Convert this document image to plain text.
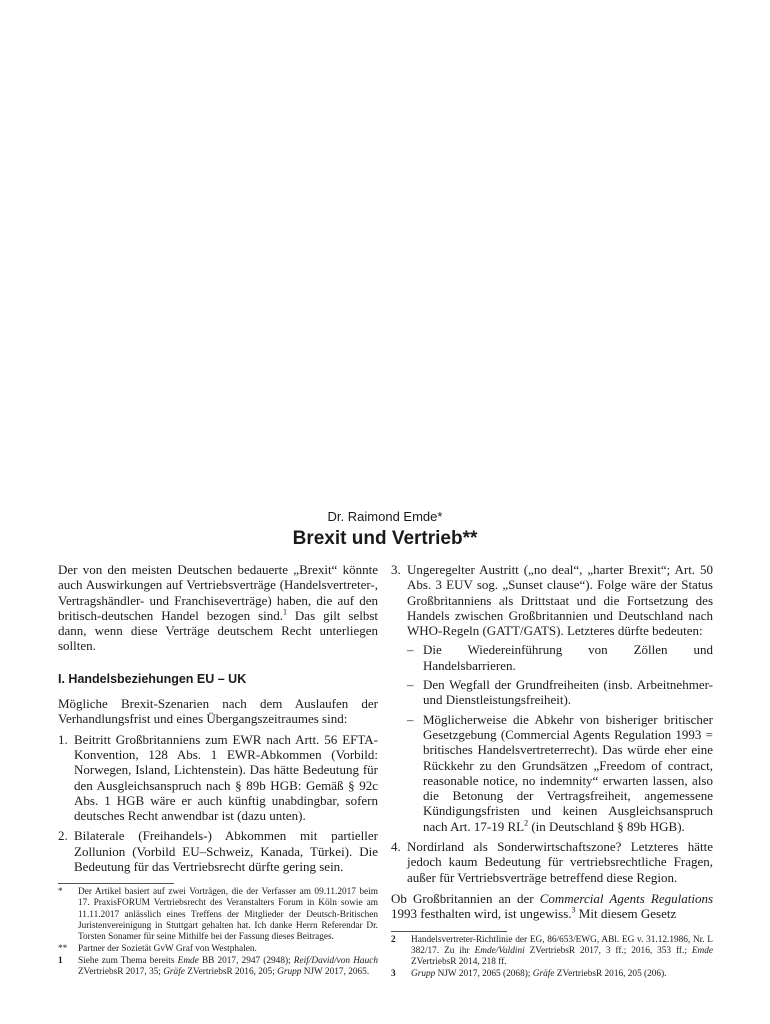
Dr. Raimond Emde*
Brexit und Vertrieb**

Der von den meisten Deutschen bedauerte „Brexit“ könnte auch Auswirkungen auf Vertriebsverträge (Handelsvertreter-, Vertragshändler- und Franchiseverträge) haben, die auf den britisch-deutschen Handel bezogen sind.$^1$ Das gilt selbst dann, wenn diese Verträge deutschem Recht unterliegen sollten.

I. Handelsbeziehungen EU – UK

Mögliche Brexit-Szenarien nach dem Auslaufen der Verhandlungsfrist und eines Übergangszeitraumes sind:

1. Beitritt Großbritanniens zum EWR nach Artt. 56 EFTA-Konvention, 128 Abs. 1 EWR-Abkommen (Vorbild: Norwegen, Island, Lichtenstein). Das hätte Bedeutung für den Ausgleichsanspruch nach § 89b HGB: Gemäß § 92c Abs. 1 HGB wäre er auch künftig unabdingbar, sofern deutsches Recht anwendbar ist (dazu unten).
2. Bilaterale (Freihandels-) Abkommen mit partieller Zollunion (Vorbild EU–Schweiz, Kanada, Türkei). Die Bedeutung für das Vertriebsrecht dürfte gering sein.
* Der Artikel basiert auf zwei Vorträgen, die der Verfasser am 09.11.2017 beim 17. PraxisFORUM Vertriebsrecht des Veranstalters Forum in Köln sowie am 11.11.2017 anlässlich eines Treffens der Mitglieder der Deutsch-Britischen Juristenvereinigung in Stuttgart gehalten hat. Ich danke Herrn Referendar Dr. Torsten Sonamer für seine Mithilfe bei der Fassung dieses Beitrages.
** Partner der Sozietät GvW Graf von Westphalen.
1 Siehe zum Thema bereits Emde BB 2017, 2947 (2948); Reif/David/von Hauch ZVertriebsR 2017, 35; Gräfe ZVertriebsR 2016, 205; Grupp NJW 2017, 2065.
3. Ungeregelter Austritt („no deal“, „harter Brexit“; Art. 50 Abs. 3 EUV sog. „Sunset clause“). Folge wäre der Status Großbritanniens als Drittstaat und die Fortsetzung des Handels zwischen Großbritannien und Deutschland nach WHO-Regeln (GATT/GATS). Letzteres dürfte bedeuten:
– Die Wiedereinführung von Zöllen und Handelsbarrieren.
– Den Wegfall der Grundfreiheiten (insb. Arbeitnehmer- und Dienstleistungsfreiheit).
– Möglicherweise die Abkehr von bisheriger britischer Gesetzgebung (Commercial Agents Regulation 1993 = britisches Handelsvertreterrecht). Das würde eher eine Rückkehr zu den Grundsätzen „Freedom of contract, reasonable notice, no indemnity“ erwarten lassen, also die Betonung der Vertragsfreiheit, angemessene Kündigungsfristen und keinen Ausgleichsanspruch nach Art. 17-19 $RL^2$ (in Deutschland § 89b HGB).
4. Nordirland als Sonderwirtschaftszone? Letzteres hätte jedoch kaum Bedeutung für vertriebsrechtliche Fragen, außer für Vertriebsverträge betreffend diese Region.

Ob Großbritannien an der Commercial Agents Regulations 1993 festhalten wird, ist ungewiss.$^3$ Mit diesem Gesetz

2 Handelsvertreter-Richtlinie der EG, 86/653/EWG, ABl. EG v. 31.12.1986, Nr. L 382/17. Zu ihr Emde/Valdini ZVertriebsR 2017, 3 ff.; 2016, 353 ff.; Emde ZVertriebsR 2014, 218 ff.
3 Grupp NJW 2017, 2065 (2068); Gräfe ZVertriebsR 2016, 205 (206).
